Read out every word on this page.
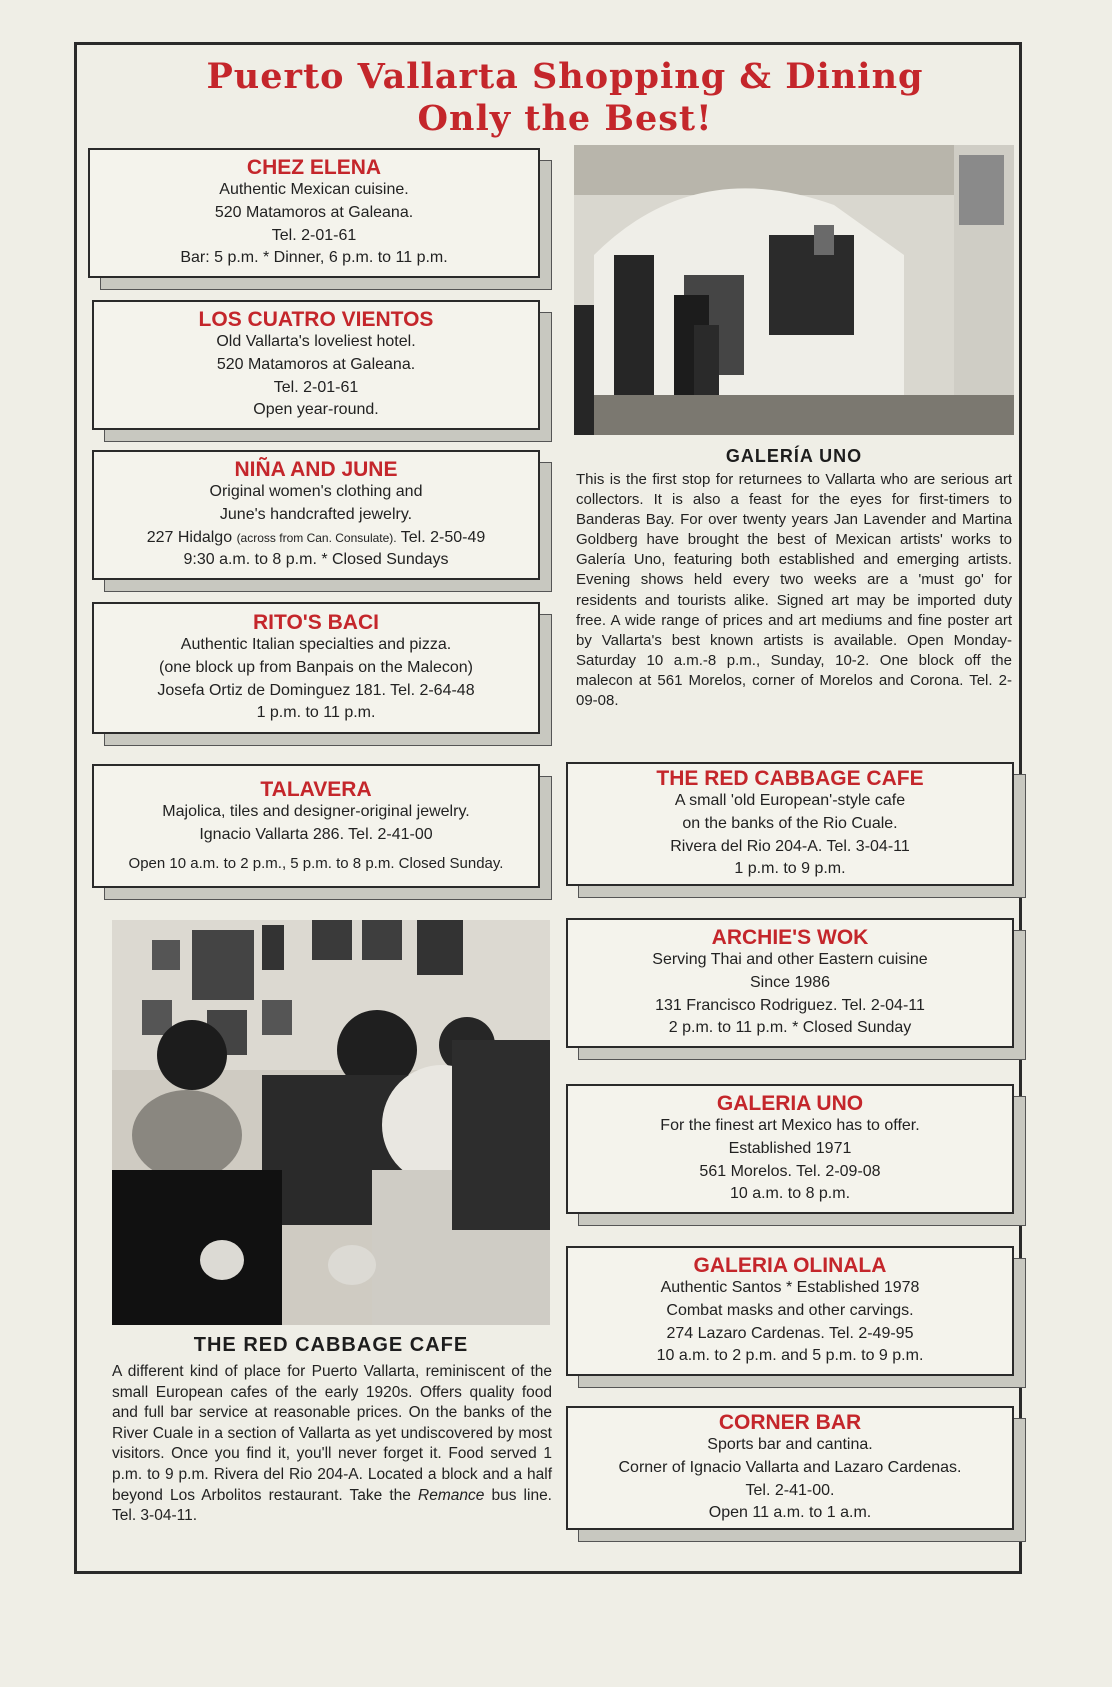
Puerto Vallarta Shopping & Dining
Only the Best!
CHEZ ELENA
Authentic Mexican cuisine.
520 Matamoros at Galeana.
Tel. 2-01-61
Bar: 5 p.m. * Dinner, 6 p.m. to 11 p.m.
LOS CUATRO VIENTOS
Old Vallarta's loveliest hotel.
520 Matamoros at Galeana.
Tel. 2-01-61
Open year-round.
NIÑA AND JUNE
Original women's clothing and
June's handcrafted jewelry.
227 Hidalgo (across from Can. Consulate). Tel. 2-50-49
9:30 a.m. to 8 p.m. * Closed Sundays
RITO'S BACI
Authentic Italian specialties and pizza.
(one block up from Banpais on the Malecon)
Josefa Ortiz de Dominguez 181. Tel. 2-64-48
1 p.m. to 11 p.m.
TALAVERA
Majolica, tiles and designer-original jewelry.
Ignacio Vallarta 286. Tel. 2-41-00
Open 10 a.m. to 2 p.m., 5 p.m. to 8 p.m. Closed Sunday.
GALERÍA UNO
This is the first stop for returnees to Vallarta who are serious art collectors. It is also a feast for the eyes for first-timers to Banderas Bay. For over twenty years Jan Lavender and Martina Goldberg have brought the best of Mexican artists' works to Galería Uno, featuring both established and emerging artists. Evening shows held every two weeks are a 'must go' for residents and tourists alike. Signed art may be imported duty free. A wide range of prices and art mediums and fine poster art by Vallarta's best known artists is available. Open Monday-Saturday 10 a.m.-8 p.m., Sunday, 10-2. One block off the malecon at 561 Morelos, corner of Morelos and Corona. Tel. 2-09-08.
THE RED CABBAGE CAFE
A small 'old European'-style cafe
on the banks of the Rio Cuale.
Rivera del Rio 204-A. Tel. 3-04-11
1 p.m. to 9 p.m.
ARCHIE'S WOK
Serving Thai and other Eastern cuisine
Since 1986
131 Francisco Rodriguez. Tel. 2-04-11
2 p.m. to 11 p.m. * Closed Sunday
GALERIA UNO
For the finest art Mexico has to offer.
Established 1971
561 Morelos. Tel. 2-09-08
10 a.m. to 8 p.m.
GALERIA OLINALA
Authentic Santos * Established 1978
Combat masks and other carvings.
274 Lazaro Cardenas. Tel. 2-49-95
10 a.m. to 2 p.m. and 5 p.m. to 9 p.m.
CORNER BAR
Sports bar and cantina.
Corner of Ignacio Vallarta and Lazaro Cardenas.
Tel. 2-41-00.
Open 11 a.m. to 1 a.m.
THE RED CABBAGE CAFE
A different kind of place for Puerto Vallarta, reminiscent of the small European cafes of the early 1920s. Offers quality food and full bar service at reasonable prices. On the banks of the River Cuale in a section of Vallarta as yet undiscovered by most visitors. Once you find it, you'll never forget it. Food served 1 p.m. to 9 p.m. Rivera del Rio 204-A. Located a block and a half beyond Los Arbolitos restaurant. Take the Remance bus line. Tel. 3-04-11.
